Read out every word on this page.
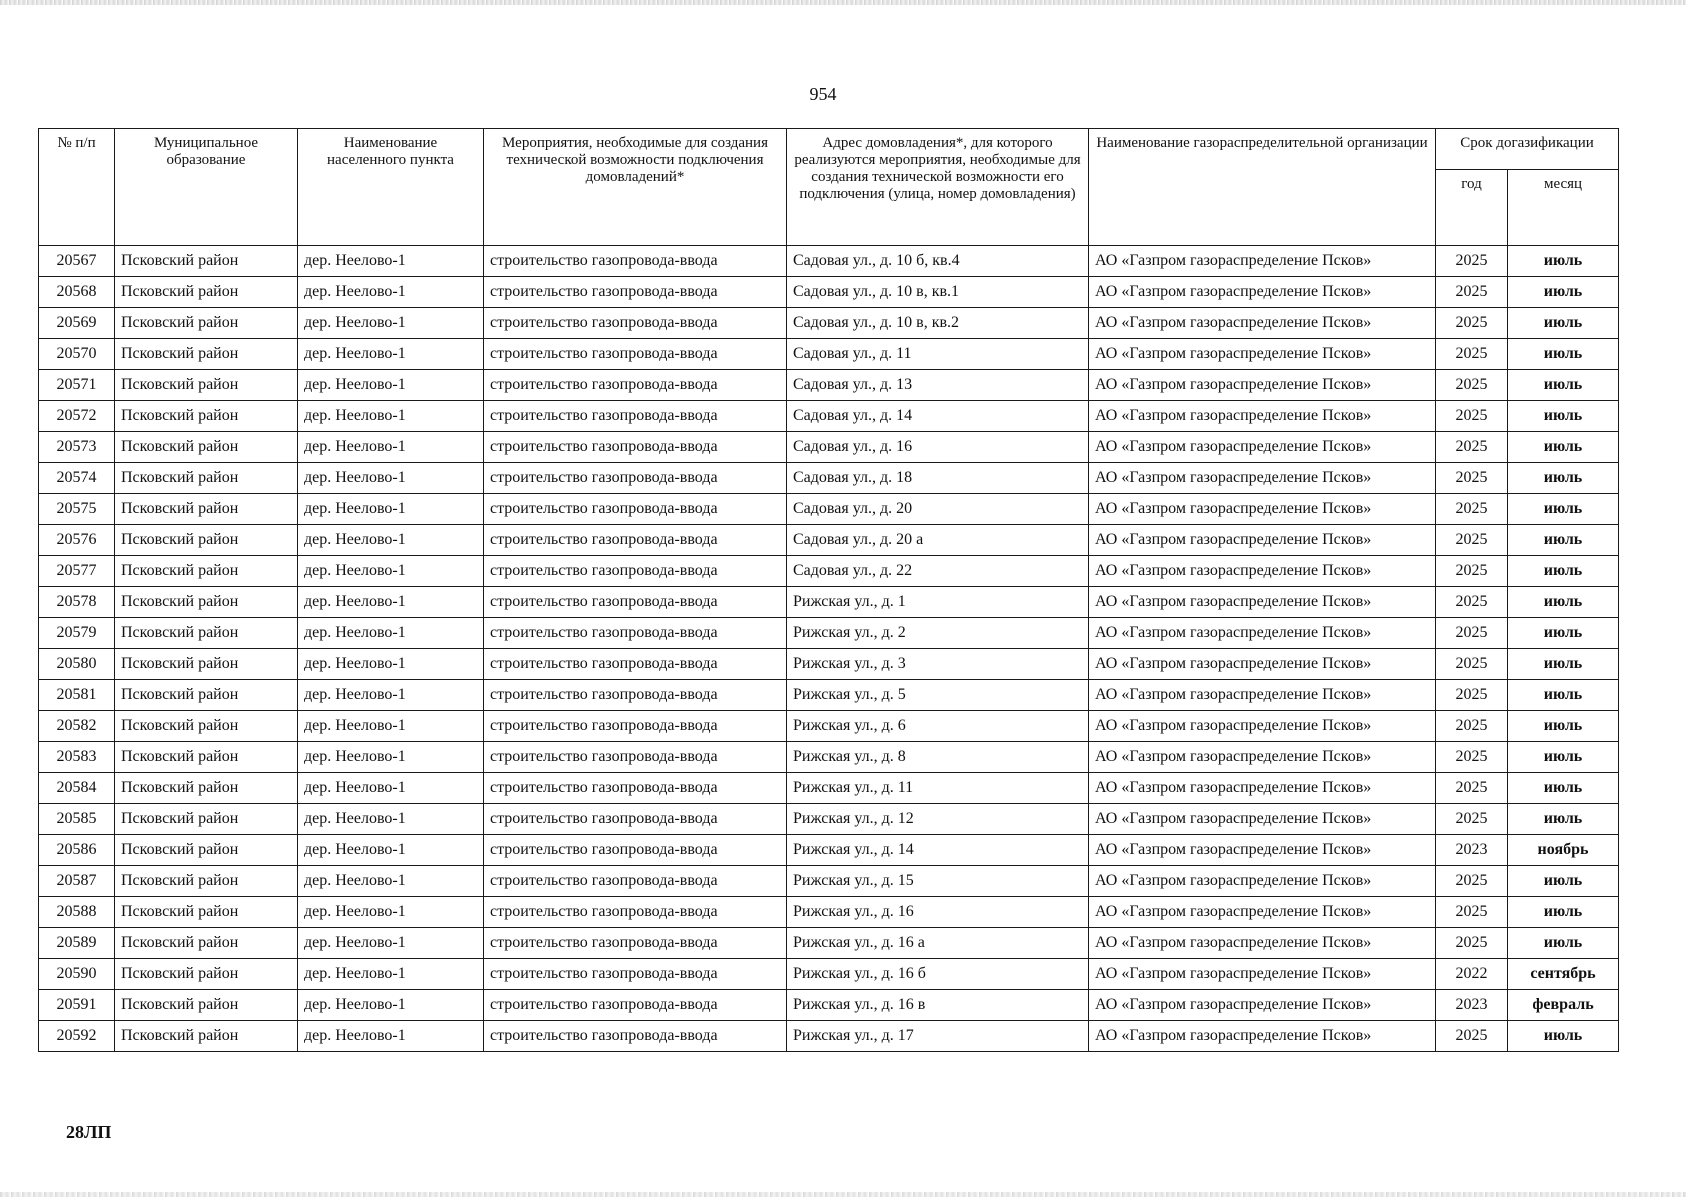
954
№ п/п	Муниципальное образование	Наименование населенного пункта	Мероприятия, необходимые для создания технической возможности подключения домовладений*	Адрес домовладения*, для которого реализуются мероприятия, необходимые для создания технической возможности его подключения (улица, номер домовладения)	Наименование газораспределительной организации	Срок догазификации	
						год	месяц
20567	Псковский район	дер. Неелово-1	строительство газопровода-ввода	Садовая ул., д. 10 б, кв.4	АО «Газпром газораспределение Псков»	2025	июль
20568	Псковский район	дер. Неелово-1	строительство газопровода-ввода	Садовая ул., д. 10 в, кв.1	АО «Газпром газораспределение Псков»	2025	июль
20569	Псковский район	дер. Неелово-1	строительство газопровода-ввода	Садовая ул., д. 10 в, кв.2	АО «Газпром газораспределение Псков»	2025	июль
20570	Псковский район	дер. Неелово-1	строительство газопровода-ввода	Садовая ул., д. 11	АО «Газпром газораспределение Псков»	2025	июль
20571	Псковский район	дер. Неелово-1	строительство газопровода-ввода	Садовая ул., д. 13	АО «Газпром газораспределение Псков»	2025	июль
20572	Псковский район	дер. Неелово-1	строительство газопровода-ввода	Садовая ул., д. 14	АО «Газпром газораспределение Псков»	2025	июль
20573	Псковский район	дер. Неелово-1	строительство газопровода-ввода	Садовая ул., д. 16	АО «Газпром газораспределение Псков»	2025	июль
20574	Псковский район	дер. Неелово-1	строительство газопровода-ввода	Садовая ул., д. 18	АО «Газпром газораспределение Псков»	2025	июль
20575	Псковский район	дер. Неелово-1	строительство газопровода-ввода	Садовая ул., д. 20	АО «Газпром газораспределение Псков»	2025	июль
20576	Псковский район	дер. Неелово-1	строительство газопровода-ввода	Садовая ул., д. 20 а	АО «Газпром газораспределение Псков»	2025	июль
20577	Псковский район	дер. Неелово-1	строительство газопровода-ввода	Садовая ул., д. 22	АО «Газпром газораспределение Псков»	2025	июль
20578	Псковский район	дер. Неелово-1	строительство газопровода-ввода	Рижская ул., д. 1	АО «Газпром газораспределение Псков»	2025	июль
20579	Псковский район	дер. Неелово-1	строительство газопровода-ввода	Рижская ул., д. 2	АО «Газпром газораспределение Псков»	2025	июль
20580	Псковский район	дер. Неелово-1	строительство газопровода-ввода	Рижская ул., д. 3	АО «Газпром газораспределение Псков»	2025	июль
20581	Псковский район	дер. Неелово-1	строительство газопровода-ввода	Рижская ул., д. 5	АО «Газпром газораспределение Псков»	2025	июль
20582	Псковский район	дер. Неелово-1	строительство газопровода-ввода	Рижская ул., д. 6	АО «Газпром газораспределение Псков»	2025	июль
20583	Псковский район	дер. Неелово-1	строительство газопровода-ввода	Рижская ул., д. 8	АО «Газпром газораспределение Псков»	2025	июль
20584	Псковский район	дер. Неелово-1	строительство газопровода-ввода	Рижская ул., д. 11	АО «Газпром газораспределение Псков»	2025	июль
20585	Псковский район	дер. Неелово-1	строительство газопровода-ввода	Рижская ул., д. 12	АО «Газпром газораспределение Псков»	2025	июль
20586	Псковский район	дер. Неелово-1	строительство газопровода-ввода	Рижская ул., д. 14	АО «Газпром газораспределение Псков»	2023	ноябрь
20587	Псковский район	дер. Неелово-1	строительство газопровода-ввода	Рижская ул., д. 15	АО «Газпром газораспределение Псков»	2025	июль
20588	Псковский район	дер. Неелово-1	строительство газопровода-ввода	Рижская ул., д. 16	АО «Газпром газораспределение Псков»	2025	июль
20589	Псковский район	дер. Неелово-1	строительство газопровода-ввода	Рижская ул., д. 16 а	АО «Газпром газораспределение Псков»	2025	июль
20590	Псковский район	дер. Неелово-1	строительство газопровода-ввода	Рижская ул., д. 16 б	АО «Газпром газораспределение Псков»	2022	сентябрь
20591	Псковский район	дер. Неелово-1	строительство газопровода-ввода	Рижская ул., д. 16 в	АО «Газпром газораспределение Псков»	2023	февраль
20592	Псковский район	дер. Неелово-1	строительство газопровода-ввода	Рижская ул., д. 17	АО «Газпром газораспределение Псков»	2025	июль
28ЛП
